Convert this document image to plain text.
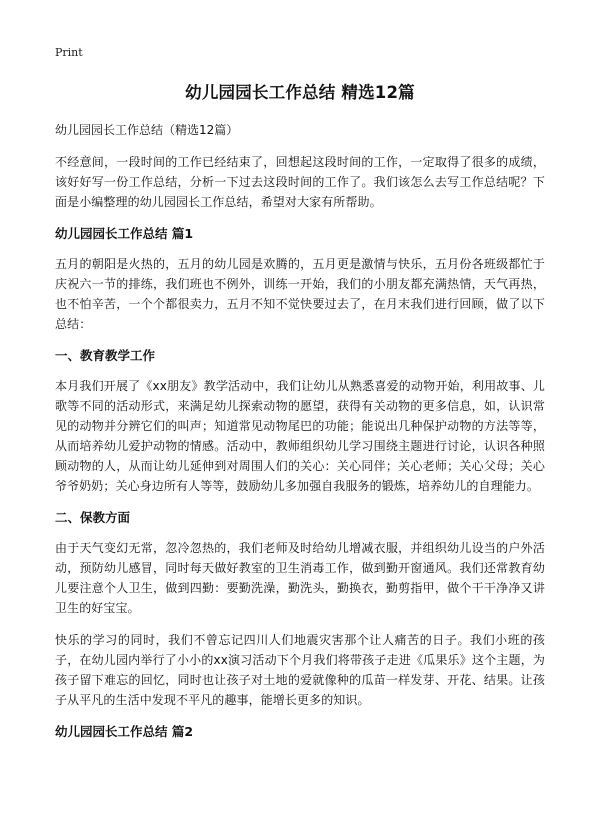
Print
幼儿园园长工作总结 精选12篇
幼儿园园长工作总结（精选12篇）

不经意间，一段时间的工作已经结束了，回想起这段时间的工作，一定取得了很多的成绩，该好好写一份工作总结，分析一下过去这段时间的工作了。我们该怎么去写工作总结呢？下面是小编整理的幼儿园园长工作总结，希望对大家有所帮助。

幼儿园园长工作总结 篇1

五月的朝阳是火热的，五月的幼儿园是欢腾的，五月更是激情与快乐，五月份各班级都忙于庆祝六一节的排练，我们班也不例外，训练一开始，我们的小朋友都充满热情，天气再热，也不怕辛苦，一个个都很卖力，五月不知不觉快要过去了，在月末我们进行回顾，做了以下总结：

一、教育教学工作

本月我们开展了《xx朋友》教学活动中，我们让幼儿从熟悉喜爱的动物开始，利用故事、儿歌等不同的活动形式，来满足幼儿探索动物的愿望，获得有关动物的更多信息，如，认识常见的动物并分辨它们的叫声；知道常见动物尾巴的功能；能说出几种保护动物的方法等等，从而培养幼儿爱护动物的情感。活动中，教师组织幼儿学习围绕主题进行讨论，认识各种照顾动物的人，从而让幼儿延伸到对周围人们的关心：关心同伴；关心老师；关心父母；关心爷爷奶奶；关心身边所有人等等，鼓励幼儿多加强自我服务的锻炼，培养幼儿的自理能力。

二、保教方面

由于天气变幻无常，忽冷忽热的，我们老师及时给幼儿增减衣服，并组织幼儿设当的户外活动，预防幼儿感冒，同时每天做好教室的卫生消毒工作，做到勤开窗通风。我们还常教育幼儿要注意个人卫生，做到四勤：要勤洗澡，勤洗头，勤换衣，勤剪指甲，做个干干净净又讲卫生的好宝宝。

快乐的学习的同时，我们不曾忘记四川人们地震灾害那个让人痛苦的日子。我们小班的孩子，在幼儿园内举行了小小的xx演习活动下个月我们将带孩子走进《瓜果乐》这个主题，为孩子留下难忘的回忆，同时也让孩子对土地的爱就像种的瓜苗一样发芽、开花、结果。让孩子从平凡的生活中发现不平凡的趣事，能增长更多的知识。

幼儿园园长工作总结 篇2
